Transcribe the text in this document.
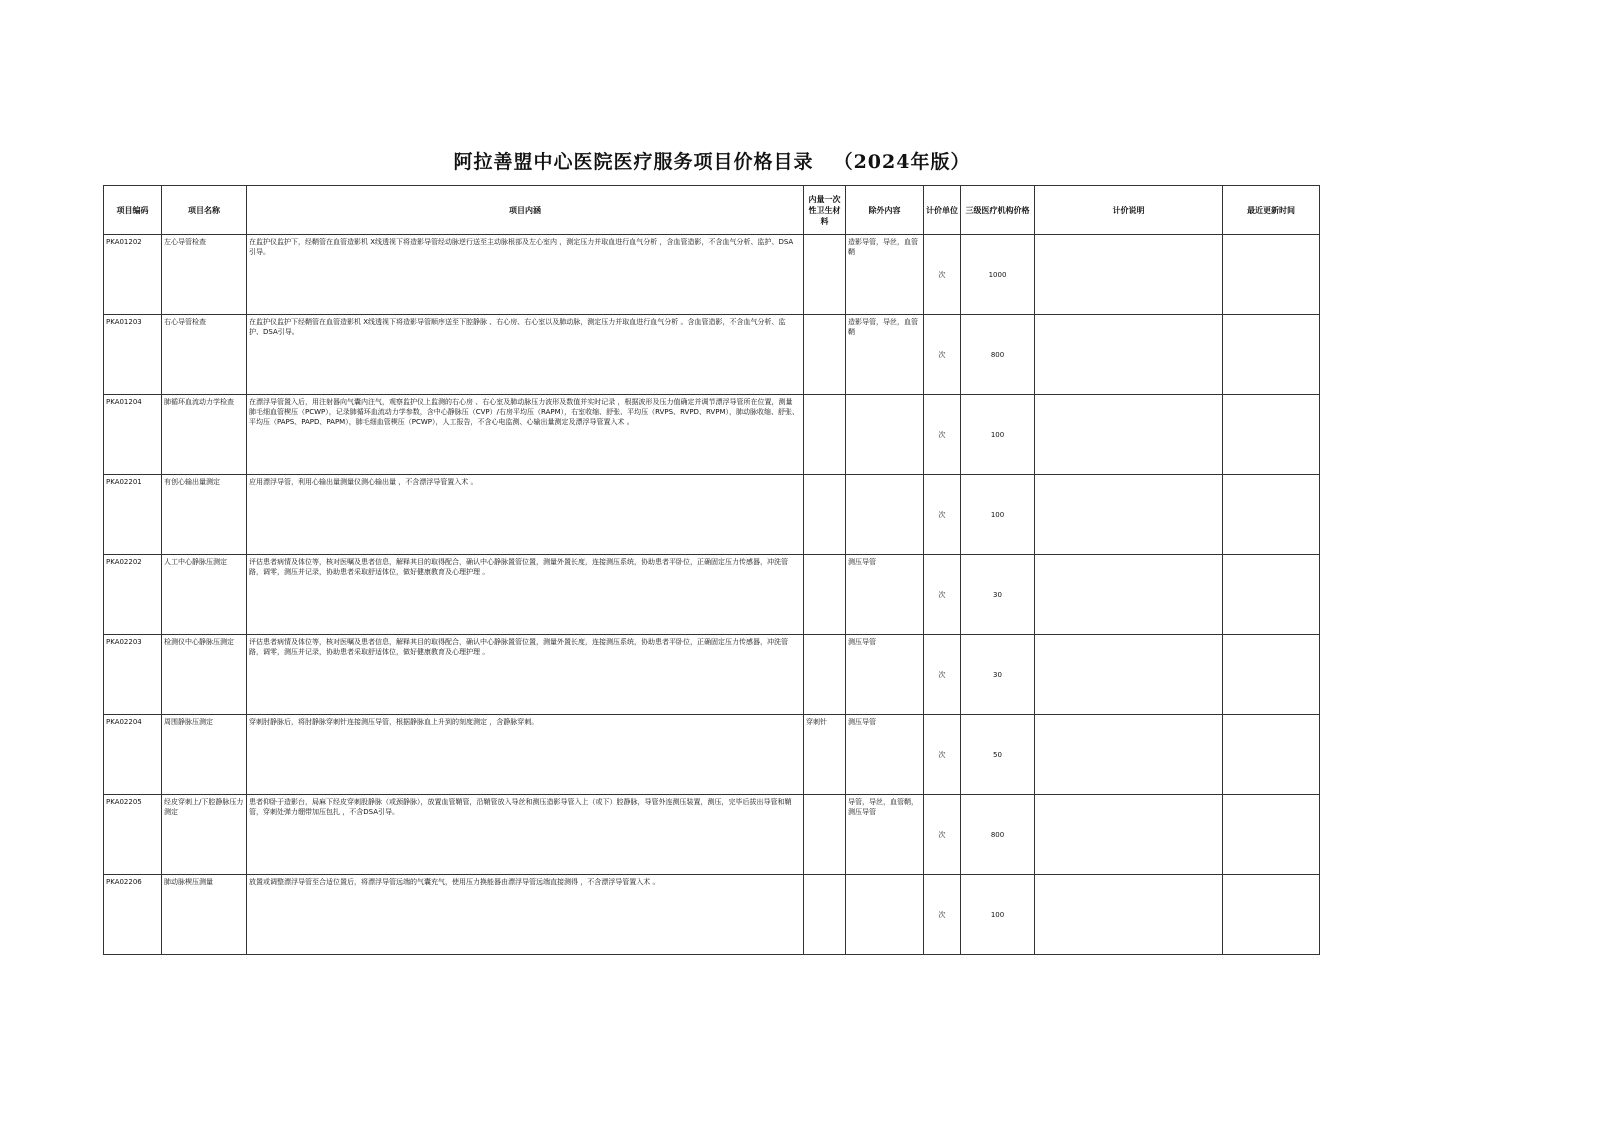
阿拉善盟中心医院医疗服务项目价格目录 （2024年版）
项目编码	项目名称	项目内涵	内量一次性卫生材料	除外内容	计价单位	三级医疗机构价格	计价说明	最近更新时间
PKA01202	左心导管检查	在监护仪监护下，经鞘管在血管造影机 X线透视下将造影导管经动脉逆行送至主动脉根部及左心室内 ，测定压力并取血进行血气分析 ，含血管造影，不含血气分析、监护、DSA引导。		造影导管，导丝，血管鞘	次	1000		
PKA01203	右心导管检查	在监护仪监护下经鞘管在血管造影机 X线透视下将造影导管顺序送至下腔静脉 、右心房、右心室以及肺动脉，测定压力并取血进行血气分析 。含血管造影，不含血气分析、监护、DSA引导。		造影导管，导丝，血管鞘	次	800		
PKA01204	肺循环血流动力学检查	在漂浮导管置入后，用注射器向气囊内注气，观察监护仪上监测的右心房 、右心室及肺动脉压力波形及数值并实时记录 ，根据波形及压力值确定并调节漂浮导管所在位置，测量肺毛细血管楔压（PCWP），记录肺循环血流动力学参数，含中心静脉压（CVP）/右房平均压（RAPM），右室收缩、舒张、平均压（RVPS、RVPD、RVPM），肺动脉收缩、舒张、平均压（PAPS、PAPD、PAPM），肺毛细血管楔压（PCWP），人工报告，不含心电监测、心输出量测定及漂浮导管置入术 。			次	100		
PKA02201	有创心输出量测定	应用漂浮导管，利用心输出量测量仪测心输出量 ，不含漂浮导管置入术 。			次	100		
PKA02202	人工中心静脉压测定	评估患者病情及体位等，核对医嘱及患者信息，解释其目的取得配合，确认中心静脉置管位置，测量外置长度，连接测压系统，协助患者平卧位，正确固定压力传感器，冲洗管路，调零，测压并记录，协助患者采取舒适体位，做好健康教育及心理护理 。		测压导管	次	30		
PKA02203	检测仪中心静脉压测定	评估患者病情及体位等，核对医嘱及患者信息，解释其目的取得配合，确认中心静脉置管位置，测量外置长度，连接测压系统，协助患者平卧位，正确固定压力传感器，冲洗管路，调零，测压并记录，协助患者采取舒适体位，做好健康教育及心理护理 。		测压导管	次	30		
PKA02204	周围静脉压测定	穿刺肘静脉后，将肘静脉穿刺针连接测压导管，根据静脉血上升到的刻度测定 ，含静脉穿刺。	穿刺针	测压导管	次	50		
PKA02205	经皮穿刺上/下腔静脉压力测定	患者仰卧于造影台，局麻下经皮穿刺股静脉（或颈静脉），放置血管鞘管，沿鞘管放入导丝和测压造影导管入上（或下）腔静脉，导管外连测压装置，测压，完毕后拔出导管和鞘管，穿刺处弹力绷带加压包扎 ，不含DSA引导。		导管，导丝，血管鞘，测压导管	次	800		
PKA02206	肺动脉楔压测量	放置或调整漂浮导管至合适位置后，将漂浮导管远端的气囊充气，使用压力换能器由漂浮导管远端直接测得 ，不含漂浮导管置入术 。			次	100		
